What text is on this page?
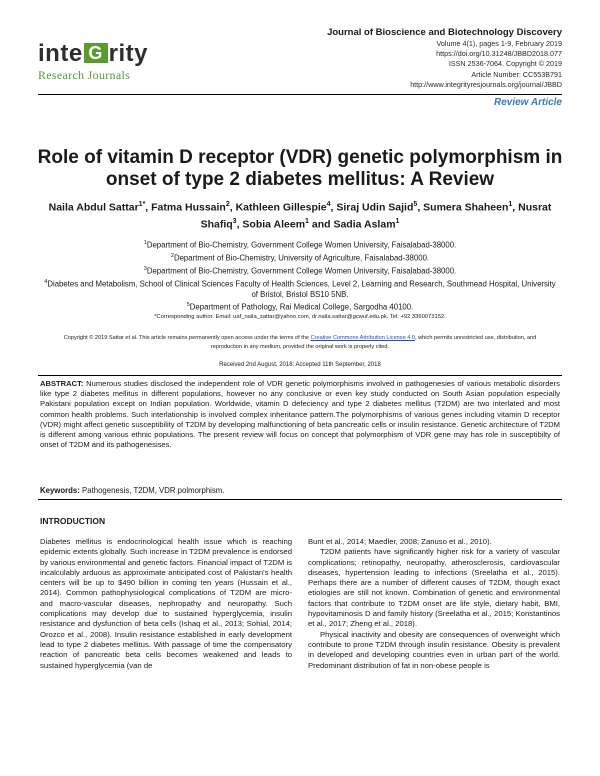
inte G rity
Research Journals
Journal of Bioscience and Biotechnology Discovery
Volume 4(1), pages 1-9, February 2019
https://doi.org/10.31248/JBBD2018.077
ISSN 2536-7064. Copyright © 2019
Article Number: CC553B791
http://www.integrityresjournals.org/journal/JBBD
Review Article
Role of vitamin D receptor (VDR) genetic polymorphism in onset of type 2 diabetes mellitus: A Review
Naila Abdul Sattar$^{1*}$, Fatma Hussain$^2$, Kathleen Gillespie$^4$, Siraj Udin Sajid$^5$, Sumera Shaheen$^1$, Nusrat Shafiq$^3$, Sobia Aleem$^1$ and Sadia Aslam$^1$
$^1$Department of Bio-Chemistry, Government College Women University, Faisalabad-38000.
$^2$Department of Bio-Chemistry, University of Agriculture, Faisalabad-38000.
$^3$Department of Bio-Chemistry, Government College Women University, Faisalabad-38000.
$^4$Diabetes and Metabolism, School of Clinical Sciences Faculty of Health Sciences, Level 2, Learning and Research, Southmead Hospital, University of Bristol, Bristol BS10 5NB.
$^5$Department of Pathology, Rai Medical College, Sargodha 40100.
*Corresponding author. Email: uaf_naila_sattar@yahoo.com, dr.naila.sattar@gcwuf.edu.pk. Tel: +92 3360073152.
Copyright © 2019 Sattar et al. This article remains permanently open access under the terms of the Creative Commons Attribution License 4.0, which permits unrestricted use, distribution, and reproduction in any medium, provided the original work is properly cited.
Received 2nd August, 2018; Accepted 11th September, 2018
ABSTRACT: Numerous studies disclosed the independent role of VDR genetic polymorphisms involved in pathogenesies of various metabolic disorders like type 2 diabetes mellitus in different populations, however no any conclusive or even key study conducted on South Asian population especially Pakistani population except on Indian population. Worldwide, vitamin D defeciency and type 2 diabetes mellitus (T2DM) are two interlated and most common health problems. Such interlationship is involved complex inheritance pattern.The polymorphisms of various genes including vitamin D receptor (VDR) might affect genetic susceptibility of T2DM by developing malfunctioning of beta pancreatic cells or insulin resistance. Genetic architecture of T2DM is different among various ethnic populations. The present review will focus on concept that polymorphism of VDR gene may has role in susceptibilty of onset of T2DM and its pathogenesises.
Keywords: Pathogenesis, T2DM, VDR polmorphism.
INTRODUCTION

Diabetes mellitus is endocrinological health issue which is reaching epidemic extents globally. Such increase in T2DM prevalence is endorsed by various environmental and genetic factors. Financial impact of T2DM is incalculably arduous as approximate anticipated cost of Pakistan's health centers will be up to $490 billion in coming ten years (Hussain et al., 2014). Common pathophysiological complications of T2DM are micro- and macro-vascular diseases, nephropathy and neuropathy. Such complications may develop due to sustained hyperglycemia, insulin resistance and dysfunction of beta cells (Ishaq et al., 2013; Sohial, 2014; Orozco et al., 2008). Insulin resistance established in early development lead to type 2 diabetes mellitus. With passage of time the compensatory reaction of pancreatic beta cells becomes weakened and leads to sustained hyperglycemia (van de

Bunt et al., 2014; Maedler, 2008; Zanuso et al., 2010).

T2DM patients have significantly higher risk for a variety of vascular complications; retinopathy, neuropathy, atherosclerosis, cardiovascular diseases, hypertension leading to infections (Sreelatha et al., 2015). Perhaps there are a number of different causes of T2DM, though exact etiologies are still not known. Combination of genetic and environmental factors that contribute to T2DM onset are life style, dietary habit, BMI, hypovitaminosis D and family history (Sreelatha et al., 2015; Konstantinos et al., 2017; Zheng et al., 2018).

Physical inactivity and obesity are consequences of overweight which contribute to prone T2DM through insulin resistance. Obesity is prevalent in developed and developing countries even in urban part of the world. Predominant distribution of fat in non-obese people is
